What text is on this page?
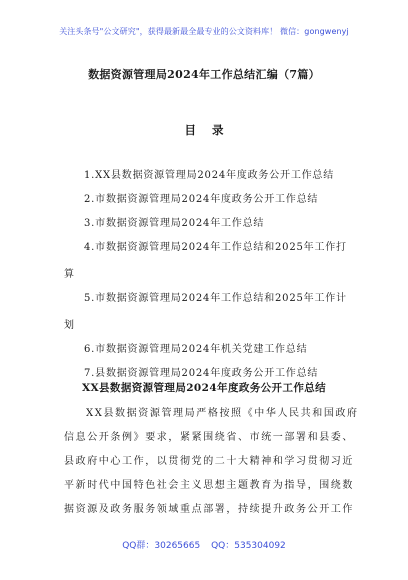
关注头条号"公文研究"，获得最新最全最专业的公文资料库！ 微信：gongwenyj
数据资源管理局2024年工作总结汇编（7篇）
目 录
1.XX县数据资源管理局2024年度政务公开工作总结
2.市数据资源管理局2024年度政务公开工作总结
3.市数据资源管理局2024年工作总结
4.市数据资源管理局2024年工作总结和2025年工作打
算
5.市数据资源管理局2024年工作总结和2025年工作计
划
6.市数据资源管理局2024年机关党建工作总结
7.县数据资源管理局2024年度政务公开工作总结
XX县数据资源管理局2024年度政务公开工作总结

XX县数据资源管理局严格按照《中华人民共和国政府
信息公开条例》要求，紧紧围绕省、市统一部署和县委、
县政府中心工作，以贯彻党的二十大精神和学习贯彻习近
平新时代中国特色社会主义思想主题教育为指导，围绕数
据资源及政务服务领域重点部署，持续提升政务公开工作

QQ群：30265665 QQ：535304092
